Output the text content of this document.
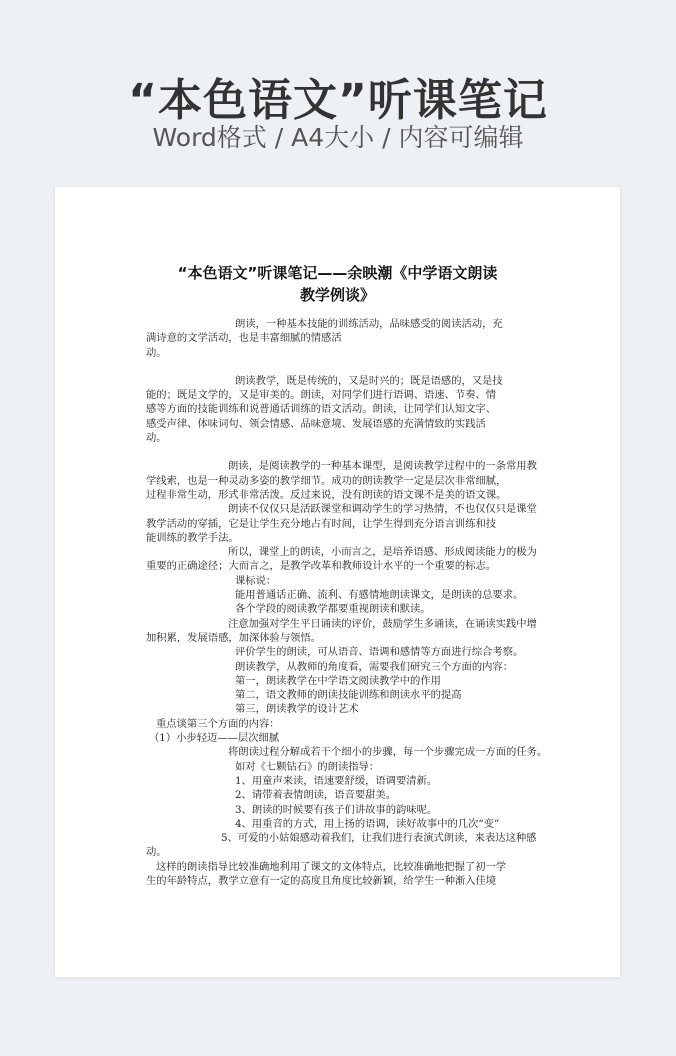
“本色语文”听课笔记
Word格式 / A4大小 / 内容可编辑
“本色语文”听课笔记——余映潮《中学语文朗读
教学例谈》
朗读，一种基本技能的训练活动，品味感受的阅读活动，充
满诗意的文学活动，也是丰富细腻的情感活
动。
朗读教学，既是传统的，又是时兴的；既是语感的，又是技
能的；既是文学的，又是审美的。朗读，对同学们进行语调、语速、节奏、情
感等方面的技能训练和说普通话训练的语文活动。朗读，让同学们认知文字、
感受声律、体味词句、领会情感、品味意境、发展语感的充满情致的实践活
动。
朗读，是阅读教学的一种基本课型，是阅读教学过程中的一条常用教
学线索，也是一种灵动多姿的教学细节。成功的朗读教学一定是层次非常细腻，
过程非常生动，形式非常活泼。反过来说，没有朗读的语文课不是美的语文课。
朗读不仅仅只是活跃课堂和调动学生的学习热情，不也仅仅只是课堂
教学活动的穿插，它是让学生充分地占有时间，让学生得到充分语言训练和技
能训练的教学手法。
所以，课堂上的朗读，小而言之，是培养语感、形成阅读能力的极为
重要的正确途径；大而言之，是教学改革和教师设计水平的一个重要的标志。
课标说：
能用普通话正确、流利、有感情地朗读课文，是朗读的总要求。
各个学段的阅读教学都要重视朗读和默读。
注意加强对学生平日诵读的评价，鼓励学生多诵读，在诵读实践中增
加积累，发展语感，加深体验与领悟。
评价学生的朗读，可从语音、语调和感情等方面进行综合考察。
朗读教学，从教师的角度看，需要我们研究三个方面的内容：
第一，朗读教学在中学语文阅读教学中的作用
第二，语文教师的朗读技能训练和朗读水平的提高
第三，朗读教学的设计艺术
重点谈第三个方面的内容：
（1）小步轻迈——层次细腻
将朗读过程分解成若干个细小的步骤，每一个步骤完成一方面的任务。
如对《七颗钻石》的朗读指导：
1、用童声来读，语速要舒缓，语调要清新。
2、请带着表情朗读，语音要甜美。
3、朗读的时候要有孩子们讲故事的韵味呢。
4、用重音的方式，用上扬的语调，读好故事中的几次“变”
5、可爱的小姑娘感动着我们，让我们进行表演式朗读，来表达这种感
动。
这样的朗读指导比较准确地利用了课文的文体特点，比较准确地把握了初一学
生的年龄特点，教学立意有一定的高度且角度比较新颖，给学生一种渐入佳境
